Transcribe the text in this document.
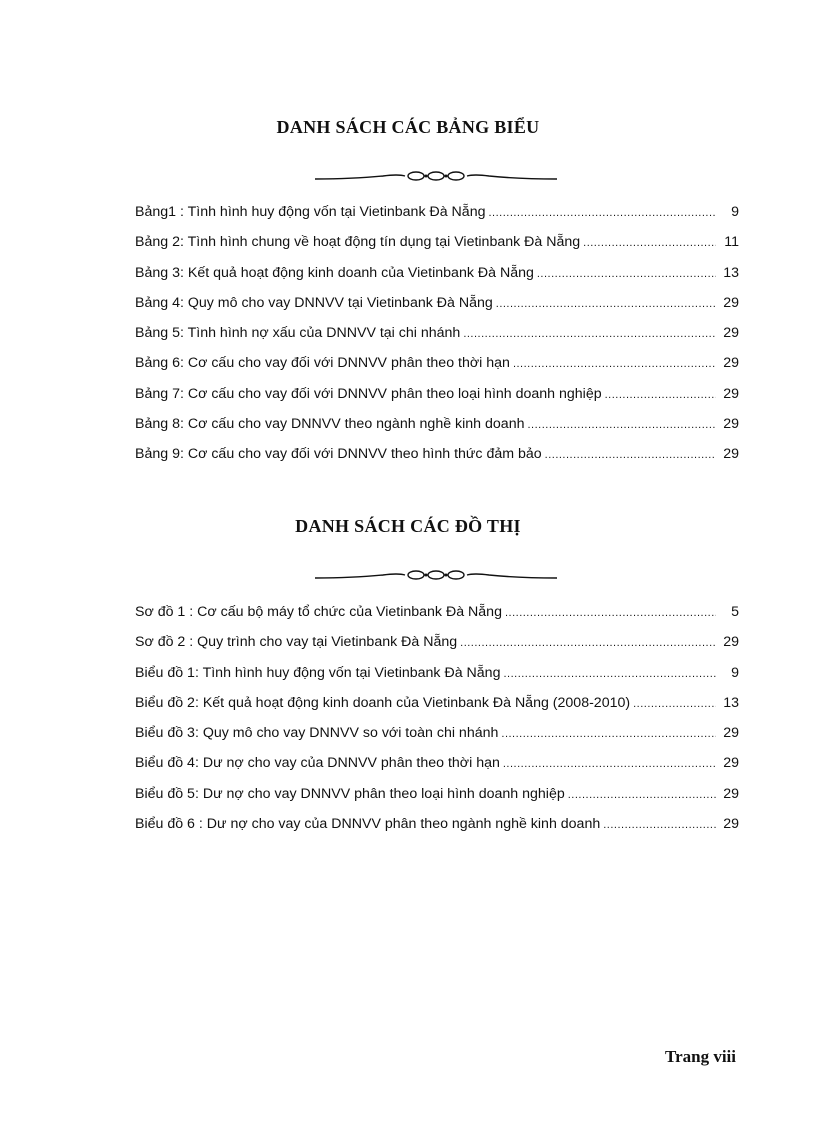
DANH SÁCH CÁC BẢNG BIỂU
Bảng1 : Tình hình huy động vốn tại Vietinbank Đà Nẵng .....	9
Bảng 2: Tình hình chung về hoạt động tín dụng tại Vietinbank Đà Nẵng .....	11
Bảng 3: Kết quả hoạt động kinh doanh của Vietinbank Đà Nẵng .....	13
Bảng 4: Quy mô cho vay DNNVV tại Vietinbank Đà Nẵng .....	29
Bảng 5: Tình hình nợ xấu của DNNVV tại chi nhánh .....	29
Bảng 6: Cơ cấu cho vay đối với DNNVV phân theo thời hạn .....	29
Bảng 7: Cơ cấu cho vay đối với DNNVV phân theo loại hình doanh nghiệp .....	29
Bảng 8: Cơ cấu cho vay DNNVV theo ngành nghề kinh doanh .....	29
Bảng 9: Cơ cấu cho vay đối với DNNVV theo hình thức đảm bảo .....	29
DANH SÁCH CÁC ĐỒ THỊ
Sơ đồ 1 : Cơ cấu bộ máy tổ chức của Vietinbank Đà Nẵng .....	5
Sơ đồ 2 : Quy trình cho vay tại Vietinbank Đà Nẵng .....	29
Biểu đồ 1: Tình hình huy động vốn tại Vietinbank Đà Nẵng .....	9
Biểu đồ 2: Kết quả hoạt động kinh doanh của Vietinbank Đà Nẵng (2008-2010) .....	13
Biểu đồ 3: Quy mô cho vay DNNVV so với toàn chi nhánh .....	29
Biểu đồ 4: Dư nợ cho vay của DNNVV phân theo thời hạn .....	29
Biểu đồ 5: Dư nợ cho vay DNNVV phân theo loại hình doanh nghiệp .....	29
Biểu đồ 6 : Dư nợ cho vay của DNNVV phân theo ngành nghề kinh doanh .....	29
Trang viii
